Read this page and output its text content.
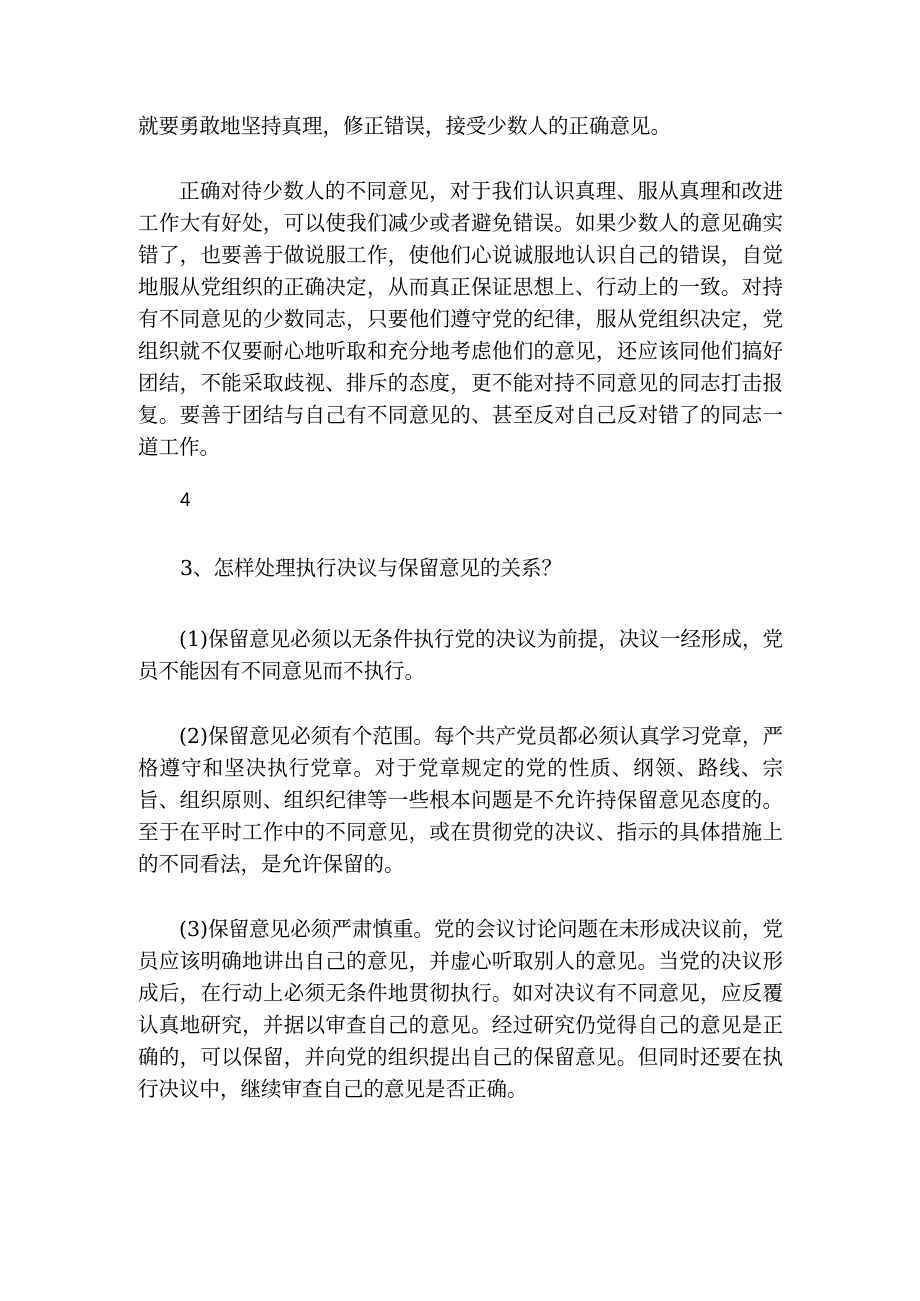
就要勇敢地坚持真理，修正错误，接受少数人的正确意见。

正确对待少数人的不同意见，对于我们认识真理、服从真理和改进工作大有好处，可以使我们减少或者避免错误。如果少数人的意见确实错了，也要善于做说服工作，使他们心说诚服地认识自己的错误，自觉地服从党组织的正确决定，从而真正保证思想上、行动上的一致。对持有不同意见的少数同志，只要他们遵守党的纪律，服从党组织决定，党组织就不仅要耐心地听取和充分地考虑他们的意见，还应该同他们搞好团结，不能采取歧视、排斥的态度，更不能对持不同意见的同志打击报复。要善于团结与自己有不同意见的、甚至反对自己反对错了的同志一道工作。

4

3、怎样处理执行决议与保留意见的关系？

(1)保留意见必须以无条件执行党的决议为前提，决议一经形成，党员不能因有不同意见而不执行。

(2)保留意见必须有个范围。每个共产党员都必须认真学习党章，严格遵守和坚决执行党章。对于党章规定的党的性质、纲领、路线、宗旨、组织原则、组织纪律等一些根本问题是不允许持保留意见态度的。至于在平时工作中的不同意见，或在贯彻党的决议、指示的具体措施上的不同看法，是允许保留的。

(3)保留意见必须严肃慎重。党的会议讨论问题在未形成决议前，党员应该明确地讲出自己的意见，并虚心听取别人的意见。当党的决议形成后，在行动上必须无条件地贯彻执行。如对决议有不同意见，应反覆认真地研究，并据以审查自己的意见。经过研究仍觉得自己的意见是正确的，可以保留，并向党的组织提出自己的保留意见。但同时还要在执行决议中，继续审查自己的意见是否正确。
